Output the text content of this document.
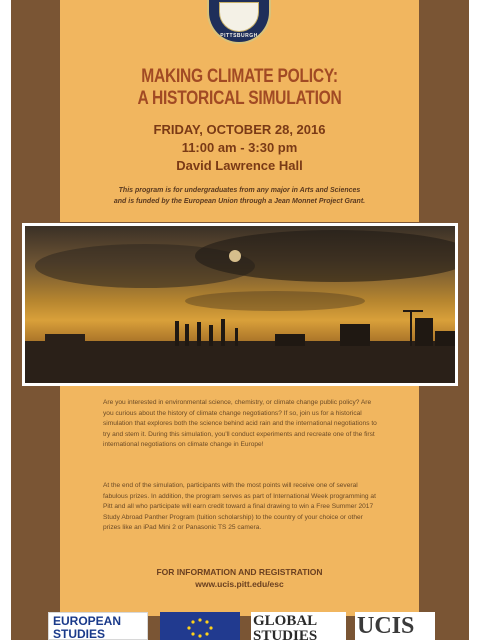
PITTSBURGH
MAKING CLIMATE POLICY:
A HISTORICAL SIMULATION
FRIDAY, OCTOBER 28, 2016
11:00 am - 3:30 pm
David Lawrence Hall
This program is for undergraduates from any major in Arts and Sciences
and is funded by the European Union through a Jean Monnet Project Grant.
Are you interested in environmental science, chemistry, or climate change public policy? Are you curious about the history of climate change negotiations? If so, join us for a historical simulation that explores both the science behind acid rain and the international negotiations to try and stem it. During this simulation, you'll conduct experiments and recreate one of the first international negotiations on climate change in Europe!
At the end of the simulation, participants with the most points will receive one of several fabulous prizes. In addition, the program serves as part of International Week programming at Pitt and all who participate will earn credit toward a final drawing to win a Free Summer 2017 Study Abroad Panther Program (tuition scholarship) to the country of your choice or other prizes like an iPad Mini 2 or Panasonic TS 25 camera.
FOR INFORMATION AND REGISTRATION
www.ucis.pitt.edu/esc
EUROPEAN
STUDIES
GLOBAL
STUDIES	UCIS
